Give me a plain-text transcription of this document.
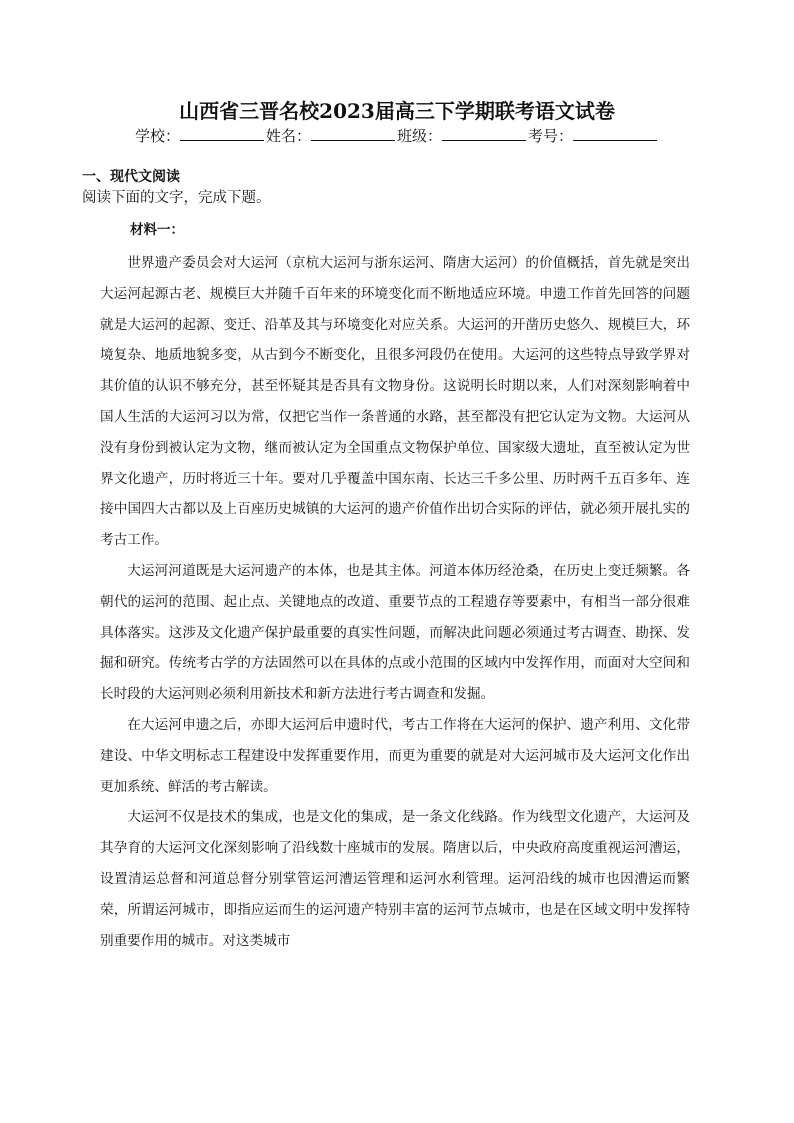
山西省三晋名校2023届高三下学期联考语文试卷
学校：	姓名：	班级：	考号：
一、现代文阅读
阅读下面的文字，完成下题。
材料一：

世界遗产委员会对大运河（京杭大运河与浙东运河、隋唐大运河）的价值概括，首先就是突出大运河起源古老、规模巨大并随千百年来的环境变化而不断地适应环境。申遗工作首先回答的问题就是大运河的起源、变迁、沿革及其与环境变化对应关系。大运河的开凿历史悠久、规模巨大，环境复杂、地质地貌多变，从古到今不断变化，且很多河段仍在使用。大运河的这些特点导致学界对其价值的认识不够充分，甚至怀疑其是否具有文物身份。这说明长时期以来，人们对深刻影响着中国人生活的大运河习以为常，仅把它当作一条普通的水路，甚至都没有把它认定为文物。大运河从没有身份到被认定为文物，继而被认定为全国重点文物保护单位、国家级大遗址，直至被认定为世界文化遗产，历时将近三十年。要对几乎覆盖中国东南、长达三千多公里、历时两千五百多年、连接中国四大古都以及上百座历史城镇的大运河的遗产价值作出切合实际的评估，就必须开展扎实的考古工作。

大运河河道既是大运河遗产的本体，也是其主体。河道本体历经沧桑，在历史上变迁频繁。各朝代的运河的范围、起止点、关键地点的改道、重要节点的工程遗存等要素中，有相当一部分很难具体落实。这涉及文化遗产保护最重要的真实性问题，而解决此问题必须通过考古调查、勘探、发掘和研究。传统考古学的方法固然可以在具体的点或小范围的区域内中发挥作用，而面对大空间和长时段的大运河则必须利用新技术和新方法进行考古调查和发掘。

在大运河申遗之后，亦即大运河后申遗时代，考古工作将在大运河的保护、遗产利用、文化带建设、中华文明标志工程建设中发挥重要作用，而更为重要的就是对大运河城市及大运河文化作出更加系统、鲜活的考古解读。

大运河不仅是技术的集成，也是文化的集成，是一条文化线路。作为线型文化遗产，大运河及其孕育的大运河文化深刻影响了沿线数十座城市的发展。隋唐以后，中央政府高度重视运河漕运，设置清运总督和河道总督分别掌管运河漕运管理和运河水利管理。运河沿线的城市也因漕运而繁荣，所谓运河城市，即指应运而生的运河遗产特别丰富的运河节点城市，也是在区域文明中发挥特别重要作用的城市。对这类城市
